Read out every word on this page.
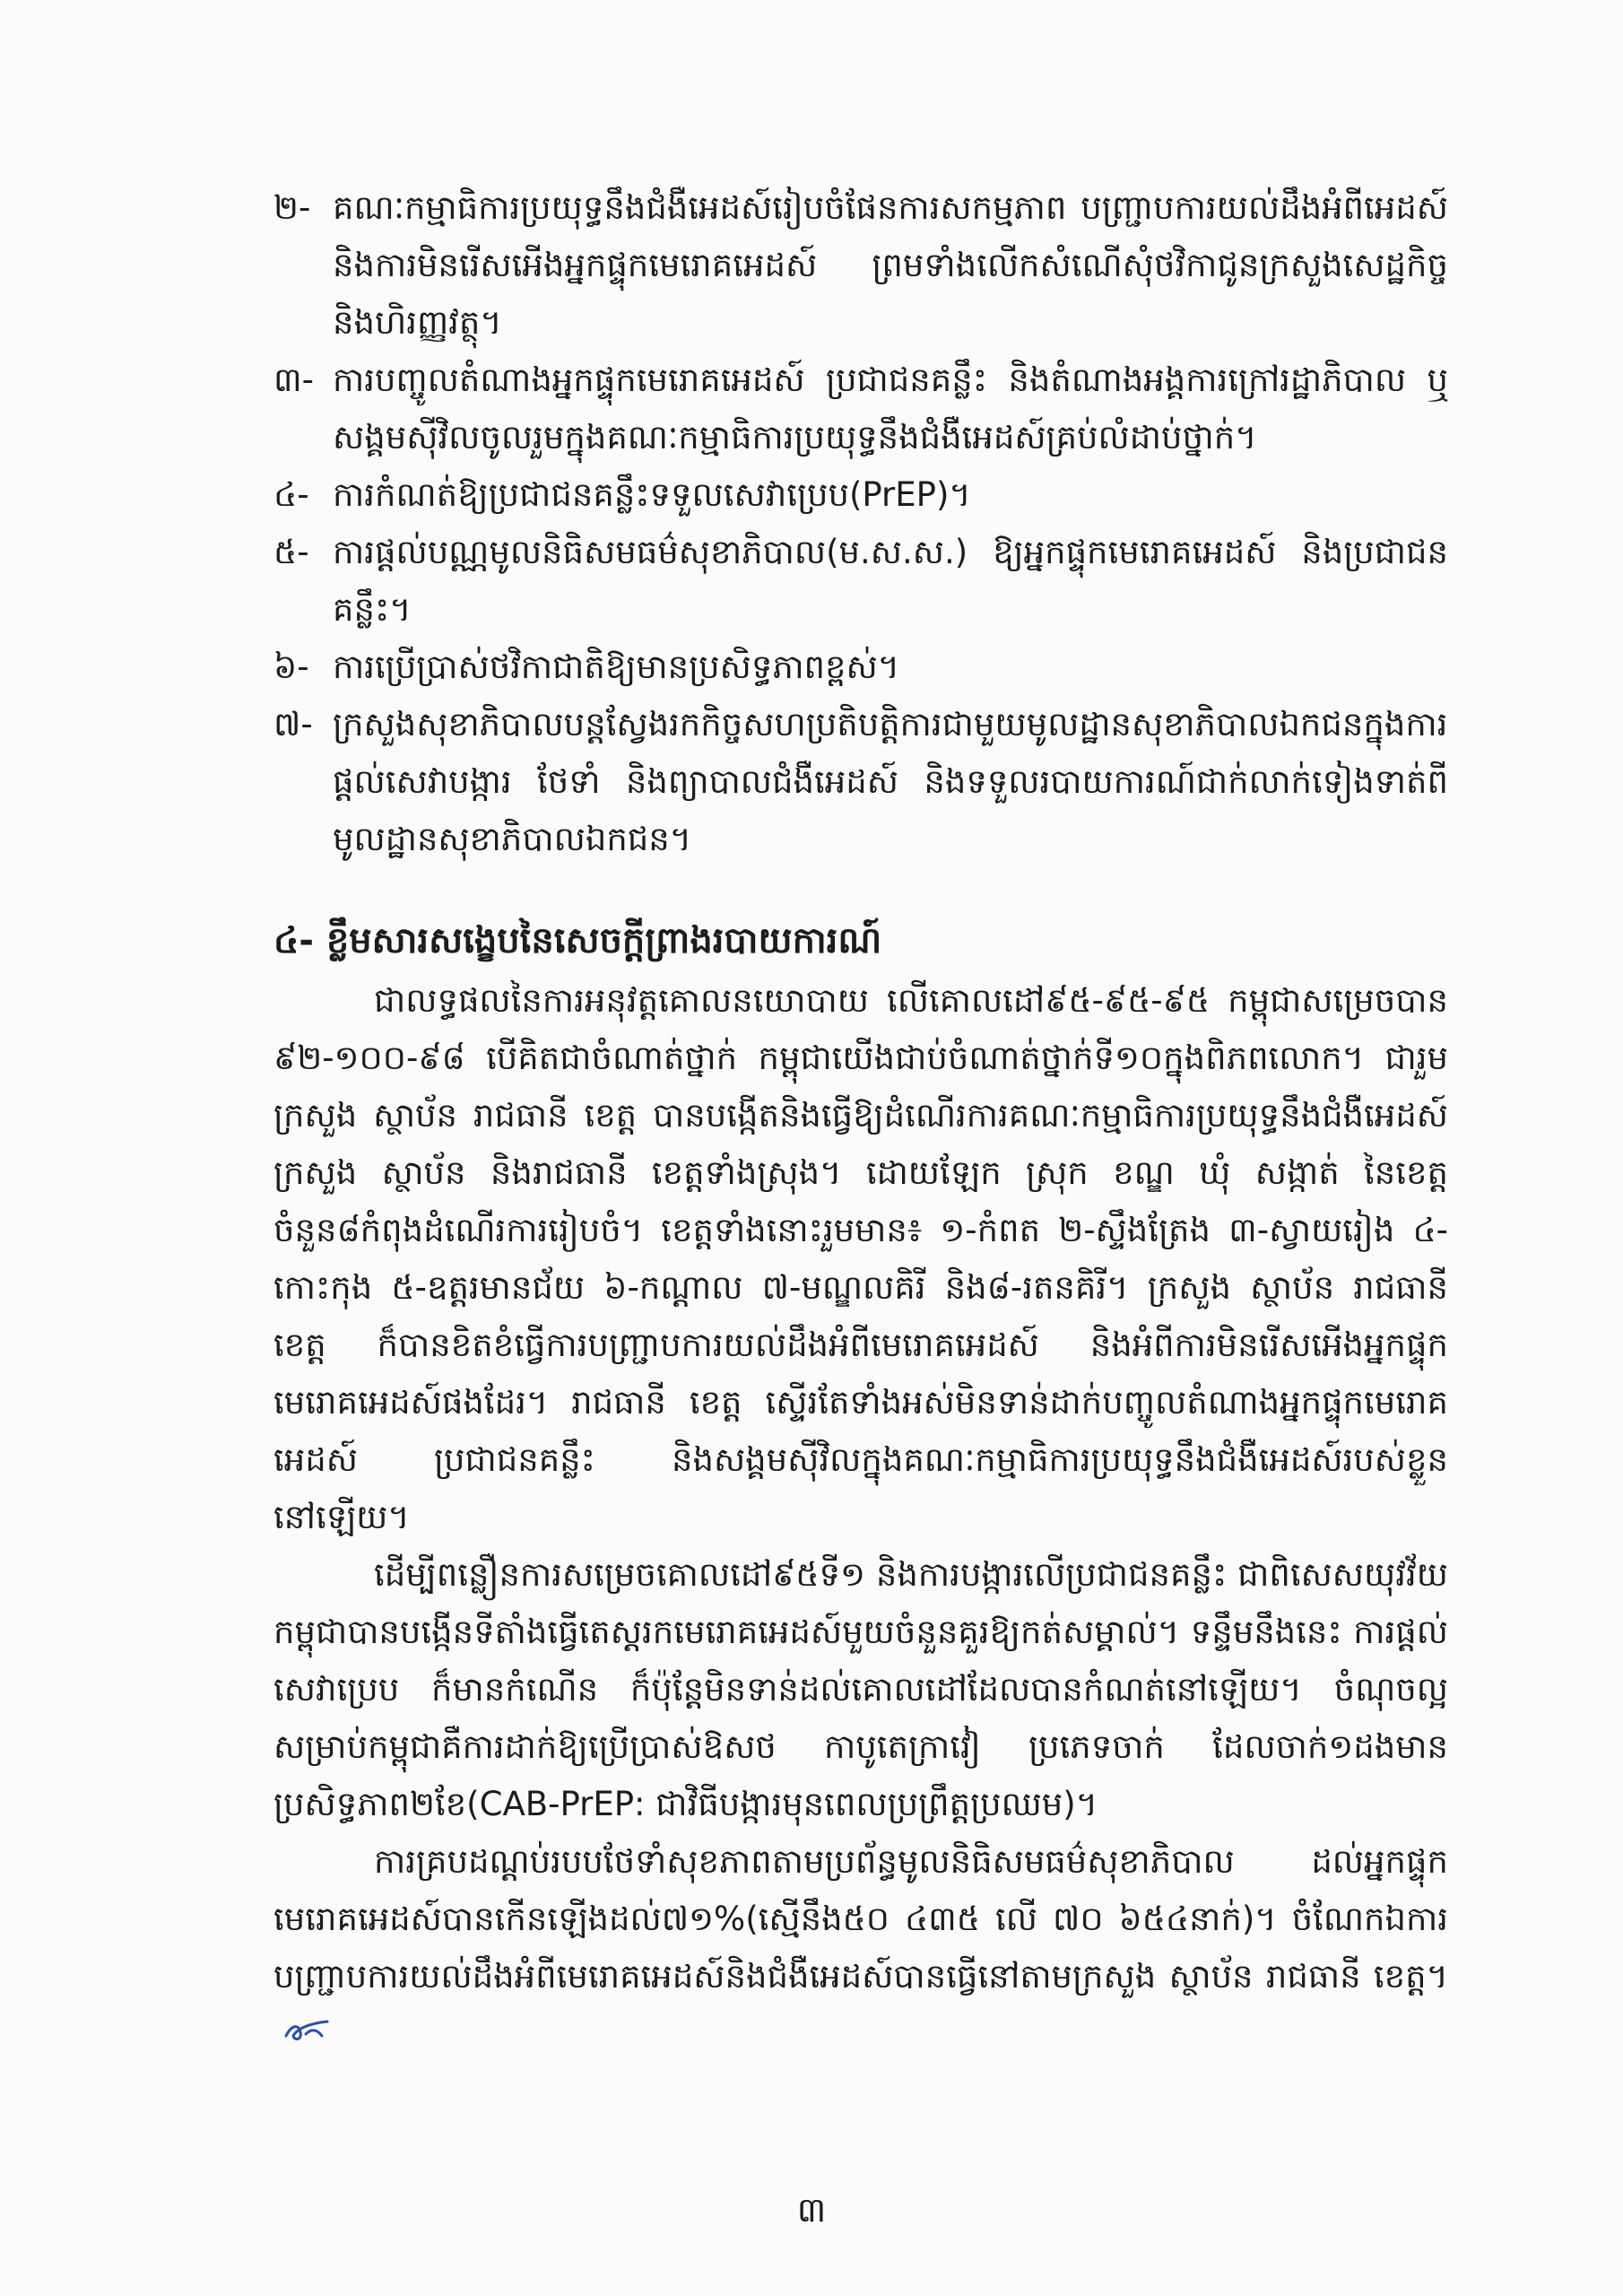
២- គណៈកម្មាធិការប្រយុទ្ធនឹងជំងឺអេដស៍រៀបចំផែនការសកម្មភាព បញ្ជ្រាបការយល់ដឹងអំពីអេដស៍ និងការមិនរើសអើងអ្នកផ្ទុកមេរោគអេដស៍ ព្រមទាំងលើកសំណើសុំថវិកាជូនក្រសួងសេដ្ឋកិច្ចនិងហិរញ្ញវត្ថុ។
៣- ការបញ្ចូលតំណាងអ្នកផ្ទុកមេរោគអេដស៍ ប្រជាជនគន្លឹះ និងតំណាងអង្គការក្រៅរដ្ឋាភិបាល ឬសង្គមស៊ីវិលចូលរួមក្នុងគណៈកម្មាធិការប្រយុទ្ធនឹងជំងឺអេដស៍គ្រប់លំដាប់ថ្នាក់។
៤- ការកំណត់ឱ្យប្រជាជនគន្លឹះទទួលសេវាប្រេប(PrEP)។
៥- ការផ្តល់បណ្ណមូលនិធិសមធម៌សុខាភិបាល(ម.ស.ស.) ឱ្យអ្នកផ្ទុកមេរោគអេដស៍ និងប្រជាជនគន្លឹះ។
៦- ការប្រើប្រាស់ថវិកាជាតិឱ្យមានប្រសិទ្ធភាពខ្ពស់។
៧- ក្រសួងសុខាភិបាលបន្តស្វែងរកកិច្ចសហប្រតិបត្តិការជាមួយមូលដ្ឋានសុខាភិបាលឯកជនក្នុងការផ្តល់សេវាបង្ការ ថែទាំ និងព្យាបាលជំងឺអេដស៍ និងទទួលរបាយការណ៍ជាក់លាក់ទៀងទាត់ពីមូលដ្ឋានសុខាភិបាលឯកជន។
៤- ខ្លឹមសារសង្ខេបនៃសេចក្តីព្រាងរបាយការណ៍
ជាលទ្ធផលនៃការអនុវត្តគោលនយោបាយ លើគោលដៅ៩៥-៩៥-៩៥ កម្ពុជាសម្រេចបាន ៩២-១០០-៩៨ បើគិតជាចំណាត់ថ្នាក់ កម្ពុជាយើងជាប់ចំណាត់ថ្នាក់ទី១០ក្នុងពិភពលោក។ ជារួម ក្រសួង ស្ថាប័ន រាជធានី ខេត្ត បានបង្កើតនិងធ្វើឱ្យដំណើរការគណៈកម្មាធិការប្រយុទ្ធនឹងជំងឺអេដស៍ក្រសួង ស្ថាប័ន និងរាជធានី ខេត្តទាំងស្រុង។ ដោយឡែក ស្រុក ខណ្ឌ ឃុំ សង្កាត់ នៃខេត្តចំនួន៨កំពុងដំណើរការរៀបចំ។ ខេត្តទាំងនោះរួមមាន៖ ១-កំពត ២-ស្ទឹងត្រែង ៣-ស្វាយរៀង ៤-កោះកុង ៥-ឧត្តរមានជ័យ ៦-កណ្តាល ៧-មណ្ឌលគិរី និង៨-រតនគិរី។ ក្រសួង ស្ថាប័ន រាជធានី ខេត្ត ក៏បានខិតខំធ្វើការបញ្ជ្រាបការយល់ដឹងអំពីមេរោគអេដស៍ និងអំពីការមិនរើសអើងអ្នកផ្ទុកមេរោគអេដស៍ផងដែរ។ រាជធានី ខេត្ត ស្ទើរតែទាំងអស់មិនទាន់ដាក់បញ្ចូលតំណាងអ្នកផ្ទុកមេរោគអេដស៍ ប្រជាជនគន្លឹះ និងសង្គមស៊ីវិលក្នុងគណៈកម្មាធិការប្រយុទ្ធនឹងជំងឺអេដស៍របស់ខ្លួននៅឡើយ។
ដើម្បីពន្លឿនការសម្រេចគោលដៅ៩៥ទី១ និងការបង្ការលើប្រជាជនគន្លឹះ ជាពិសេសយុវវ័យ កម្ពុជាបានបង្កើនទីតាំងធ្វើតេស្តរកមេរោគអេដស៍មួយចំនួនគួរឱ្យកត់សម្គាល់។ ទន្ទឹមនឹងនេះ ការផ្តល់សេវាប្រេប ក៏មានកំណើន ក៏ប៉ុន្តែមិនទាន់ដល់គោលដៅដែលបានកំណត់នៅឡើយ។ ចំណុចល្អសម្រាប់កម្ពុជាគឺការដាក់ឱ្យប្រើប្រាស់ឱសថ កាបូតេក្រាវៀ ប្រភេទចាក់ ដែលចាក់១ដងមានប្រសិទ្ធភាព២ខែ(CAB-PrEP: ជាវិធីបង្ការមុនពេលប្រព្រឹត្តប្រឈម)។
ការគ្របដណ្តប់របបថែទាំសុខភាពតាមប្រព័ន្ធមូលនិធិសមធម៌សុខាភិបាល ដល់អ្នកផ្ទុកមេរោគអេដស៍បានកើនឡើងដល់៧១%(ស្មើនឹង៥០ ៤៣៥ លើ ៧០ ៦៥៤នាក់)។ ចំណែកឯការបញ្ជ្រាបការយល់ដឹងអំពីមេរោគអេដស៍និងជំងឺអេដស៍បានធ្វើនៅតាមក្រសួង ស្ថាប័ន រាជធានី ខេត្ត។
៣
